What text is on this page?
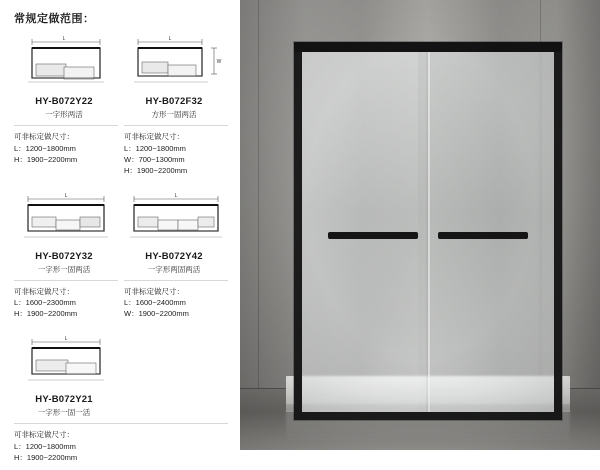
常规定做范围：
L
HY-B072Y22
一字形两活
可非标定做尺寸：
L：1200~1800mm
H：1900~2200mm
L
W
HY-B072F32
方形一固两活
可非标定做尺寸：
L：1200~1800mm
W：700~1300mm
H：1900~2200mm
L
HY-B072Y32
一字形一固两活
可非标定做尺寸：
L：1600~2300mm
H：1900~2200mm
L
HY-B072Y42
一字形两固两活
可非标定做尺寸：
L：1600~2400mm
W：1900~2200mm
L
HY-B072Y21
一字形一固一活
可非标定做尺寸：
L：1200~1800mm
H：1900~2200mm
